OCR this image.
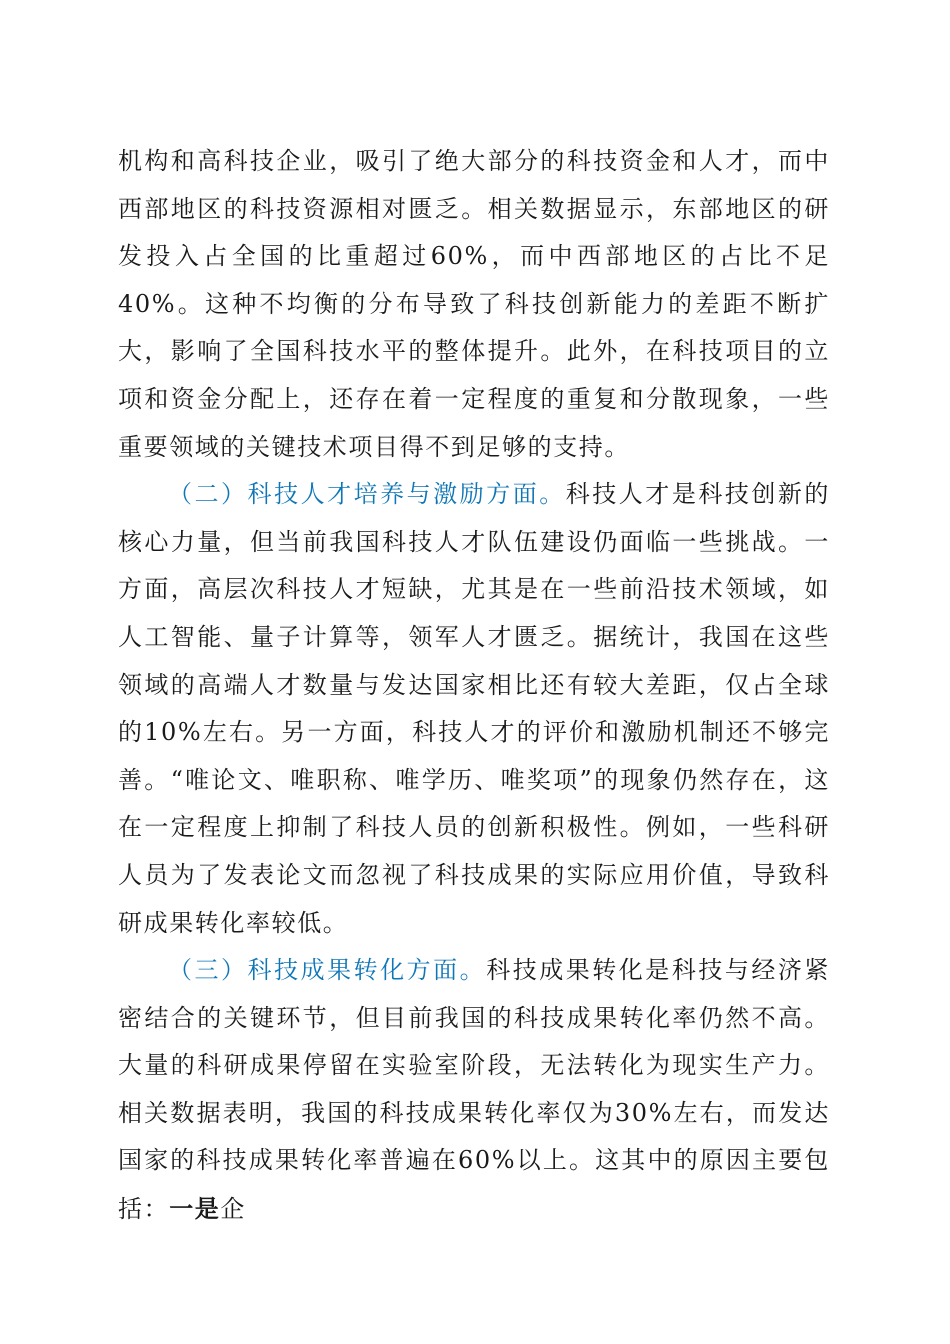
机构和高科技企业，吸引了绝大部分的科技资金和人才，而中西部地区的科技资源相对匮乏。相关数据显示，东部地区的研发投入占全国的比重超过60%，而中西部地区的占比不足40%。这种不均衡的分布导致了科技创新能力的差距不断扩大，影响了全国科技水平的整体提升。此外，在科技项目的立项和资金分配上，还存在着一定程度的重复和分散现象，一些重要领域的关键技术项目得不到足够的支持。

（二）科技人才培养与激励方面。科技人才是科技创新的核心力量，但当前我国科技人才队伍建设仍面临一些挑战。一方面，高层次科技人才短缺，尤其是在一些前沿技术领域，如人工智能、量子计算等，领军人才匮乏。据统计，我国在这些领域的高端人才数量与发达国家相比还有较大差距，仅占全球的10%左右。另一方面，科技人才的评价和激励机制还不够完善。“唯论文、唯职称、唯学历、唯奖项”的现象仍然存在，这在一定程度上抑制了科技人员的创新积极性。例如，一些科研人员为了发表论文而忽视了科技成果的实际应用价值，导致科研成果转化率较低。

（三）科技成果转化方面。科技成果转化是科技与经济紧密结合的关键环节，但目前我国的科技成果转化率仍然不高。大量的科研成果停留在实验室阶段，无法转化为现实生产力。相关数据表明，我国的科技成果转化率仅为30%左右，而发达国家的科技成果转化率普遍在60%以上。这其中的原因主要包括：一是企
